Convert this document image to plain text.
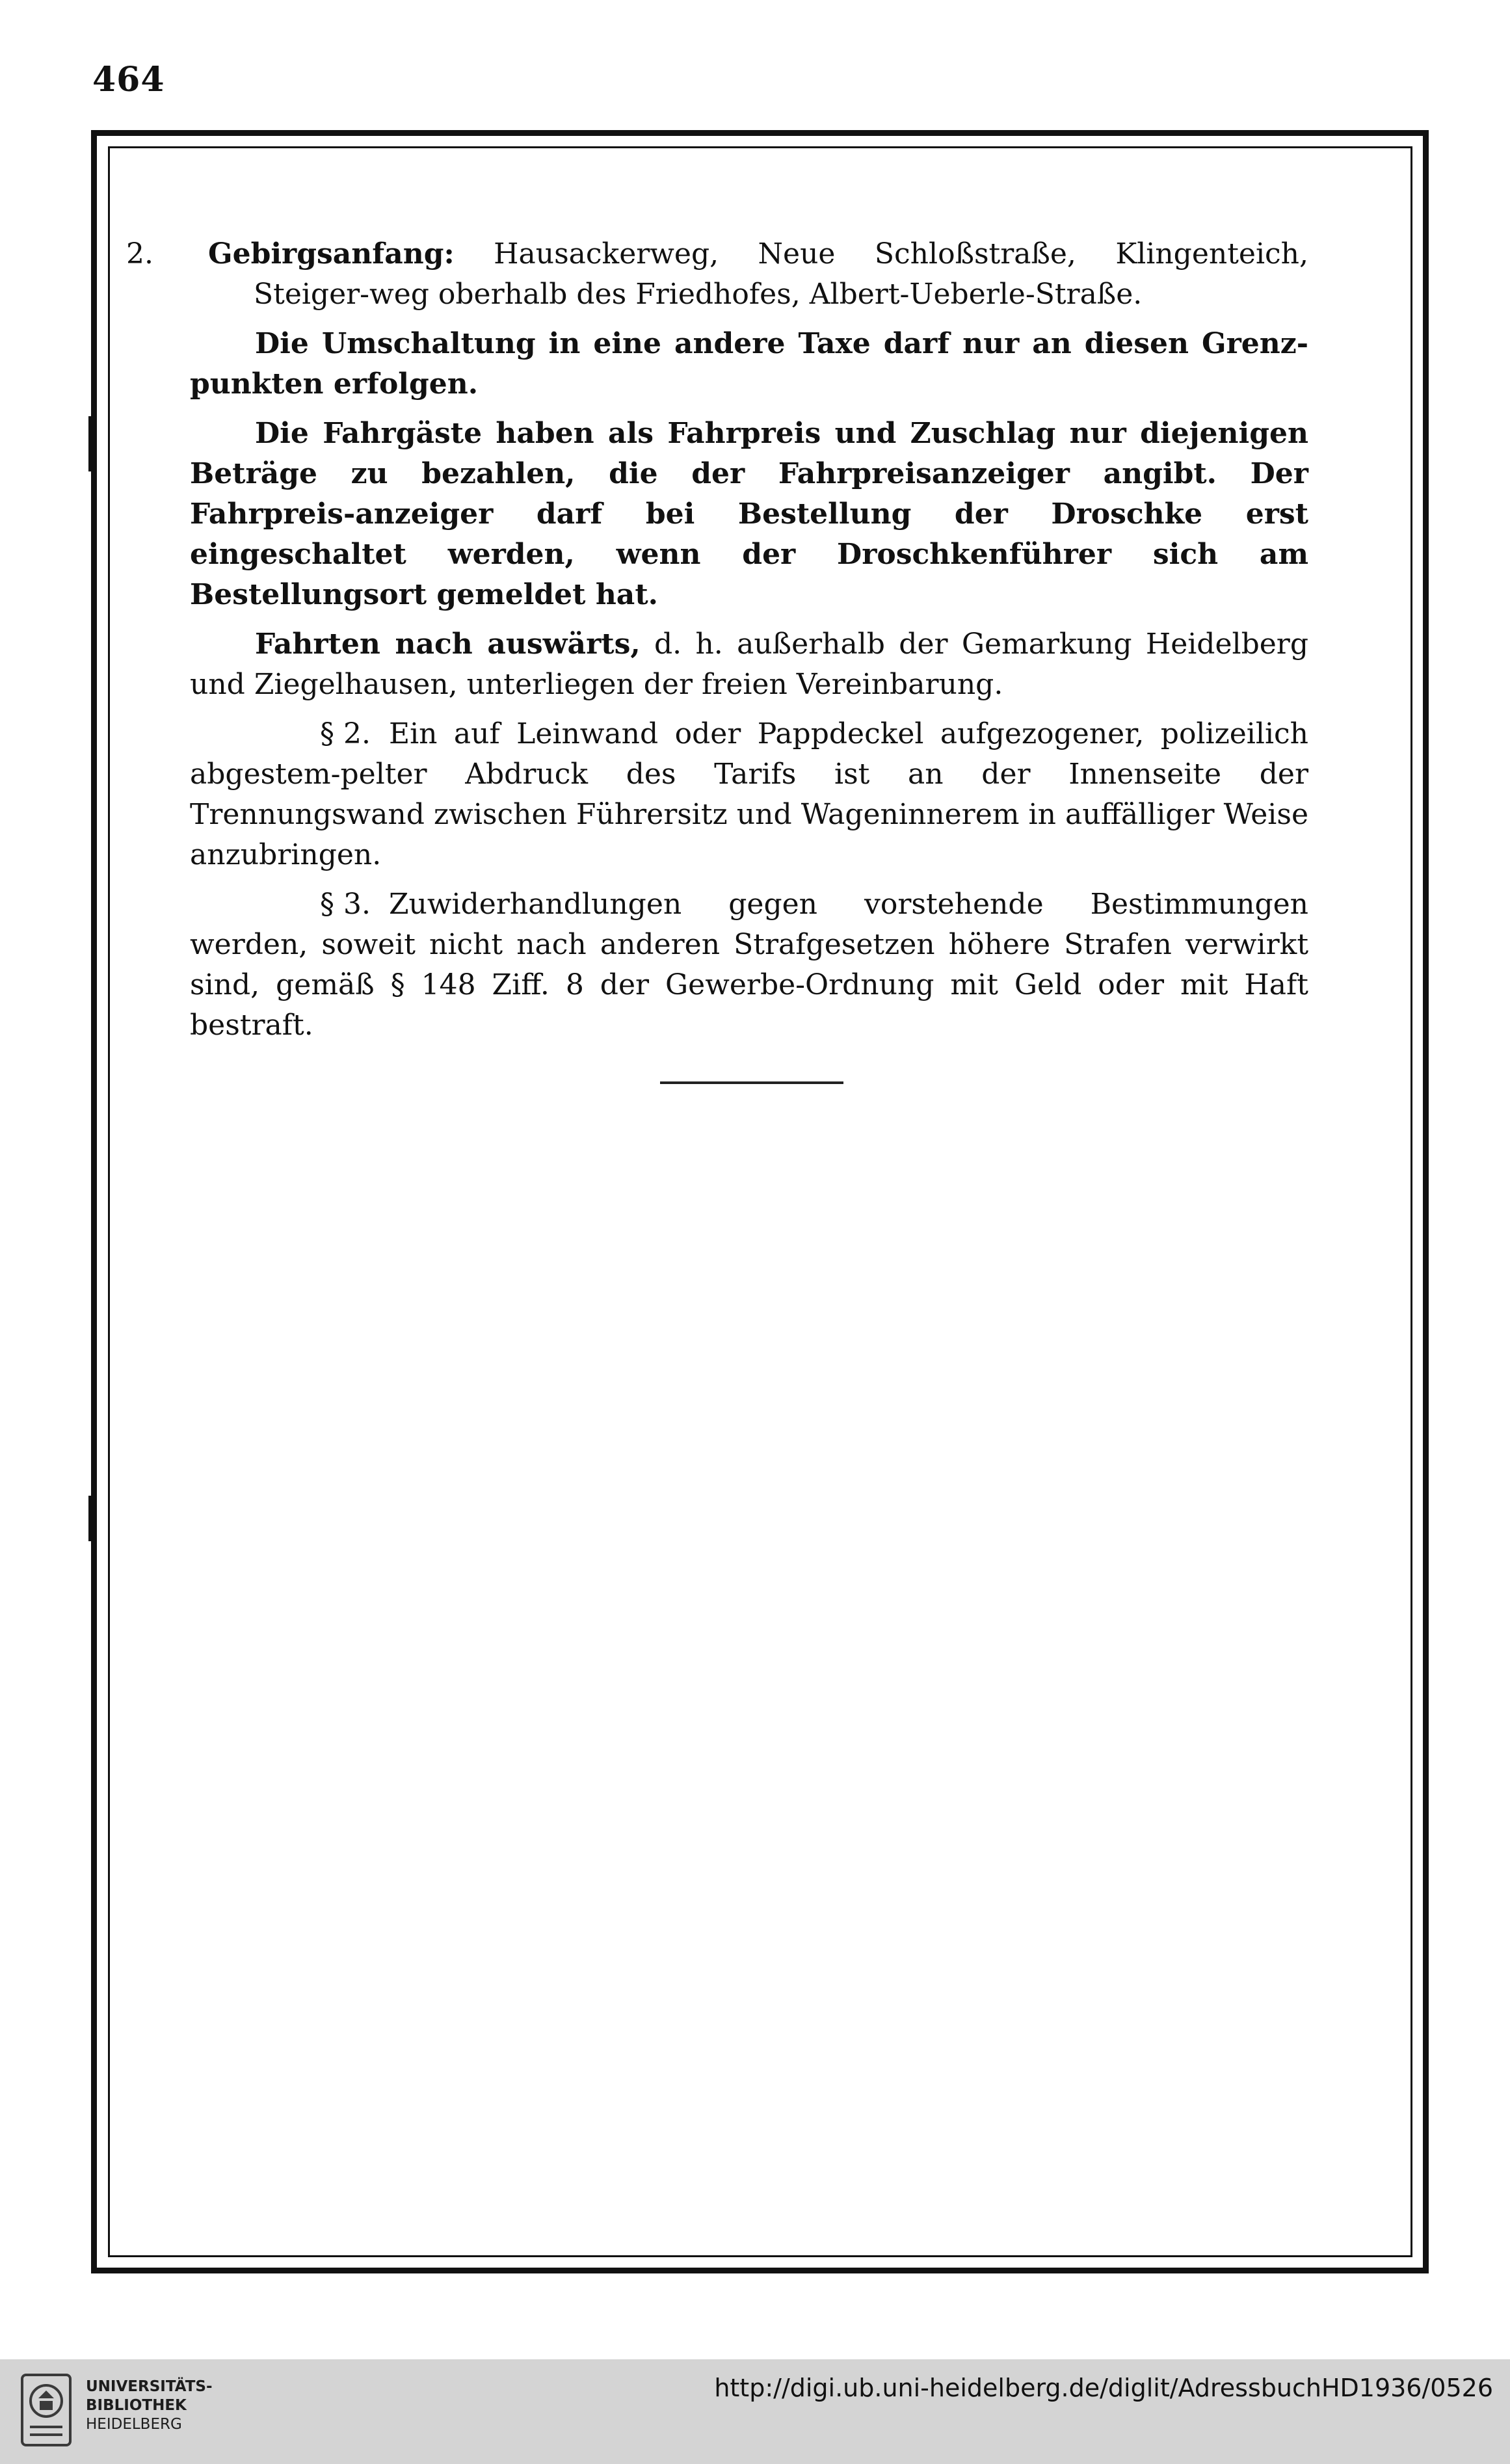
464

2. Gebirgsanfang: Hausackerweg, Neue Schloßstraße, Klingenteich, Steiger-weg oberhalb des Friedhofes, Albert-Ueberle-Straße.

Die Umschaltung in eine andere Taxe darf nur an diesen Grenz-punkten erfolgen.

Die Fahrgäste haben als Fahrpreis und Zuschlag nur diejenigen Beträge zu bezahlen, die der Fahrpreisanzeiger angibt. Der Fahrpreis-anzeiger darf bei Bestellung der Droschke erst eingeschaltet werden, wenn der Droschkenführer sich am Bestellungsort gemeldet hat.

Fahrten nach auswärts, d. h. außerhalb der Gemarkung Heidelberg und Ziegelhausen, unterliegen der freien Vereinbarung.

§ 2. Ein auf Leinwand oder Pappdeckel aufgezogener, polizeilich abgestem-pelter Abdruck des Tarifs ist an der Innenseite der Trennungswand zwischen Führersitz und Wageninnerem in auffälliger Weise anzubringen.

§ 3. Zuwiderhandlungen gegen vorstehende Bestimmungen werden, soweit nicht nach anderen Strafgesetzen höhere Strafen verwirkt sind, gemäß § 148 Ziff. 8 der Gewerbe-Ordnung mit Geld oder mit Haft bestraft.

UNIVERSITÄTS-
BIBLIOTHEK
HEIDELBERG
http://digi.ub.uni-heidelberg.de/diglit/AdressbuchHD1936/0526
